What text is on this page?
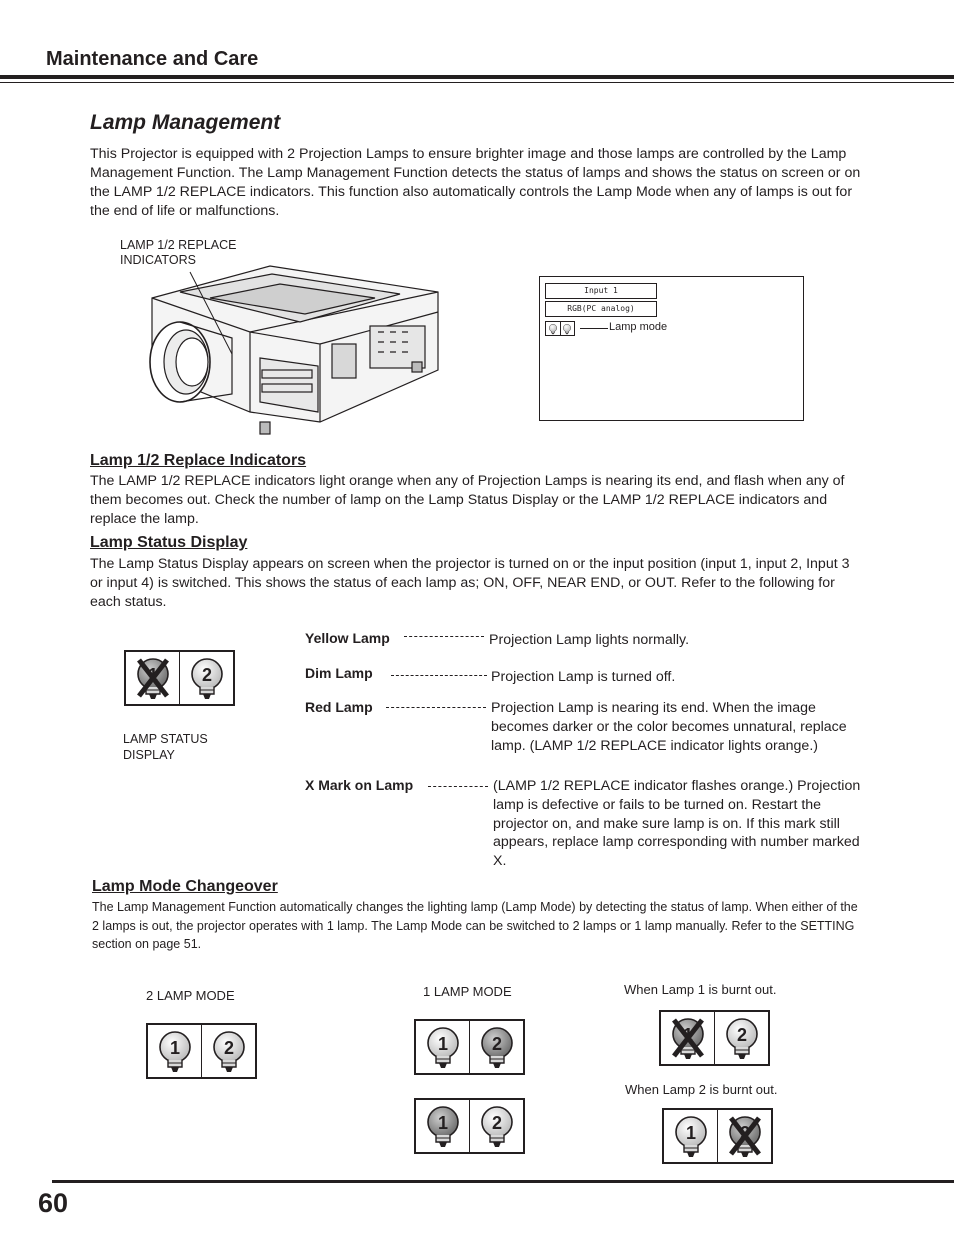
Maintenance and Care
Lamp Management
This Projector is equipped with 2 Projection Lamps to ensure brighter image and those lamps are controlled by the Lamp Management Function. The Lamp Management Function detects the status of lamps and shows the status on screen or on the LAMP 1/2 REPLACE indicators. This function also automatically controls the Lamp Mode when any of lamps is out for the end of life or malfunctions.
LAMP 1/2 REPLACE
INDICATORS
Input 1
RGB(PC analog)
Lamp mode
Lamp 1/2 Replace Indicators
The LAMP 1/2 REPLACE indicators light orange when any of Projection Lamps is nearing its end, and flash when any of them becomes out. Check the number of lamp on the Lamp Status Display or the LAMP 1/2 REPLACE indicators and replace the lamp.
Lamp Status Display
The Lamp Status Display appears on screen when the projector is turned on or the input position (input 1, input 2, Input 3 or input 4) is switched. This shows the status of each lamp as; ON, OFF, NEAR END, or OUT. Refer to the following for each status.
2
LAMP STATUS
DISPLAY
Yellow Lamp	Projection Lamp lights normally.
Dim Lamp	Projection Lamp is turned off.
Red Lamp	Projection Lamp is nearing its end. When the image becomes darker or the color becomes unnatural, replace lamp. (LAMP 1/2 REPLACE indicator lights orange.)
X Mark on Lamp	(LAMP 1/2 REPLACE indicator flashes orange.) Projection lamp is defective or fails to be turned on. Restart the projector on, and make sure lamp is on. If this mark still appears, replace lamp corresponding with number marked X.
Lamp Mode Changeover
The Lamp Management Function automatically changes the lighting lamp (Lamp Mode) by detecting the status of lamp. When either of the 2 lamps is out, the projector operates with 1 lamp. The Lamp Mode can be switched to 2 lamps or 1 lamp manually. Refer to the SETTING section on page 51.
2 LAMP MODE	1 LAMP MODE	When Lamp 1 is burnt out.
When Lamp 2 is burnt out.
1 2	1 2
1 2
2
1
60
